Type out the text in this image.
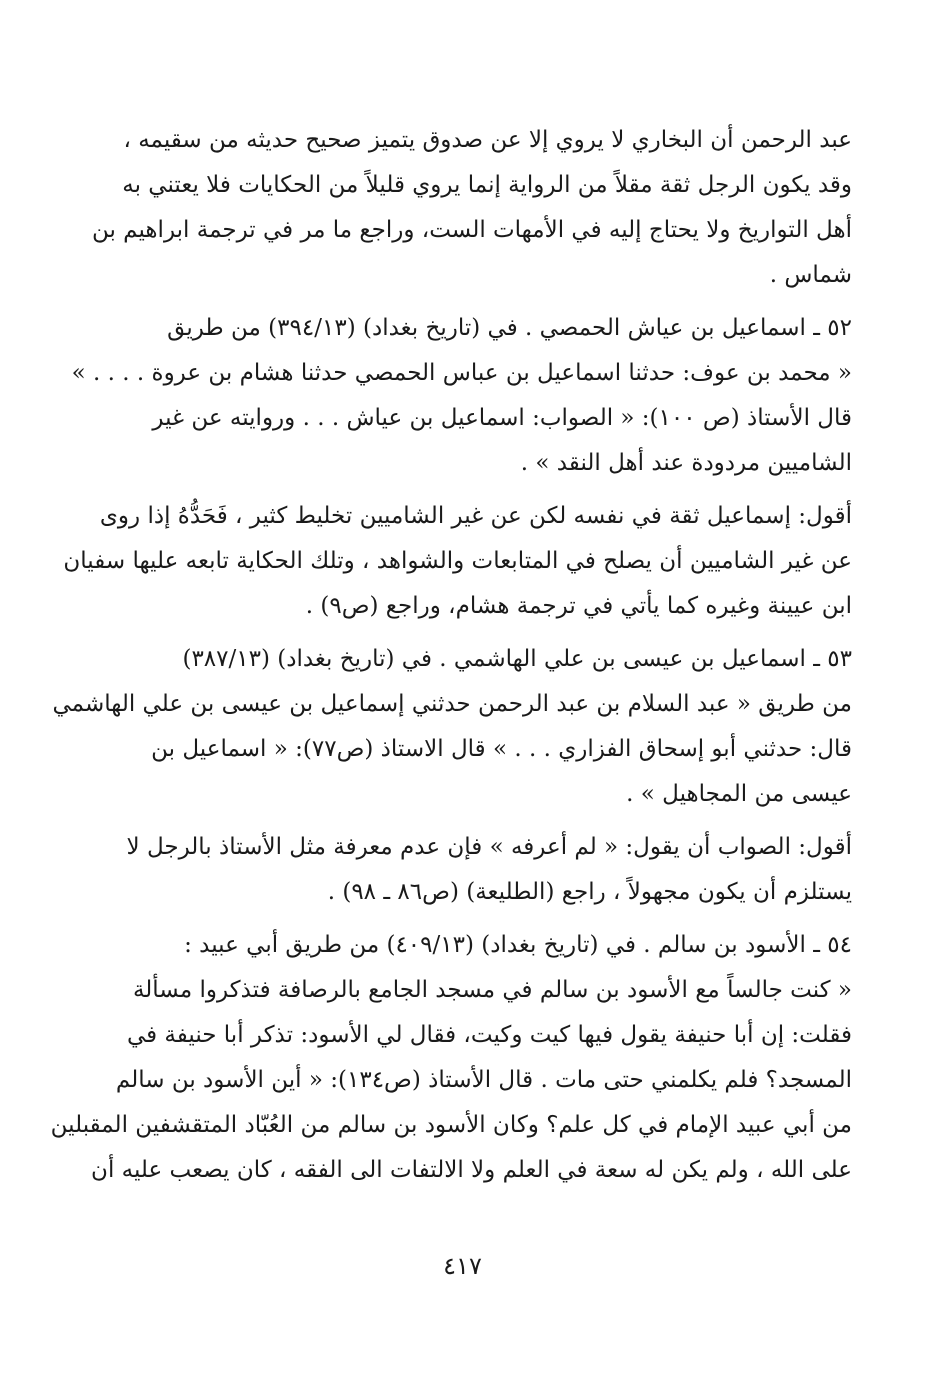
عبد الرحمن أن البخاري لا يروي إلا عن صدوق يتميز صحيح حديثه من سقيمه ،
وقد يكون الرجل ثقة مقلاً من الرواية إنما يروي قليلاً من الحكايات فلا يعتني به
أهل التواريخ ولا يحتاج إليه في الأمهات الست، وراجع ما مر في ترجمة ابراهيم بن
شماس .
٥٢ ـ اسماعيل بن عياش الحمصي . في (تاريخ بغداد) (٣٩٤/١٣) من طريق
« محمد بن عوف: حدثنا اسماعيل بن عباس الحمصي حدثنا هشام بن عروة . . . . »
قال الأستاذ (ص ١٠٠): « الصواب: اسماعيل بن عياش . . . وروايته عن غير
الشاميين مردودة عند أهل النقد » .
أقول: إسماعيل ثقة في نفسه لكن عن غير الشاميين تخليط كثير ، فَحَدُّهُ إذا روى
عن غير الشاميين أن يصلح في المتابعات والشواهد ، وتلك الحكاية تابعه عليها سفيان
ابن عيينة وغيره كما يأتي في ترجمة هشام، وراجع (ص٩) .
٥٣ ـ اسماعيل بن عيسى بن علي الهاشمي . في (تاريخ بغداد) (٣٨٧/١٣)
من طريق « عبد السلام بن عبد الرحمن حدثني إسماعيل بن عيسى بن علي الهاشمي
قال: حدثني أبو إسحاق الفزاري . . . » قال الاستاذ (ص٧٧): « اسماعيل بن
عيسى من المجاهيل » .
أقول: الصواب أن يقول: « لم أعرفه » فإن عدم معرفة مثل الأستاذ بالرجل لا
يستلزم أن يكون مجهولاً ، راجع (الطليعة) (ص٨٦ ـ ٩٨) .
٥٤ ـ الأسود بن سالم . في (تاريخ بغداد) (٤٠٩/١٣) من طريق أبي عبيد :
« كنت جالساً مع الأسود بن سالم في مسجد الجامع بالرصافة فتذكروا مسألة
فقلت: إن أبا حنيفة يقول فيها كيت وكيت، فقال لي الأسود: تذكر أبا حنيفة في
المسجد؟ فلم يكلمني حتى مات . قال الأستاذ (ص١٣٤): « أين الأسود بن سالم
من أبي عبيد الإمام في كل علم؟ وكان الأسود بن سالم من العُبّاد المتقشفين المقبلين
على الله ، ولم يكن له سعة في العلم ولا الالتفات الى الفقه ، كان يصعب عليه أن
٤١٧
